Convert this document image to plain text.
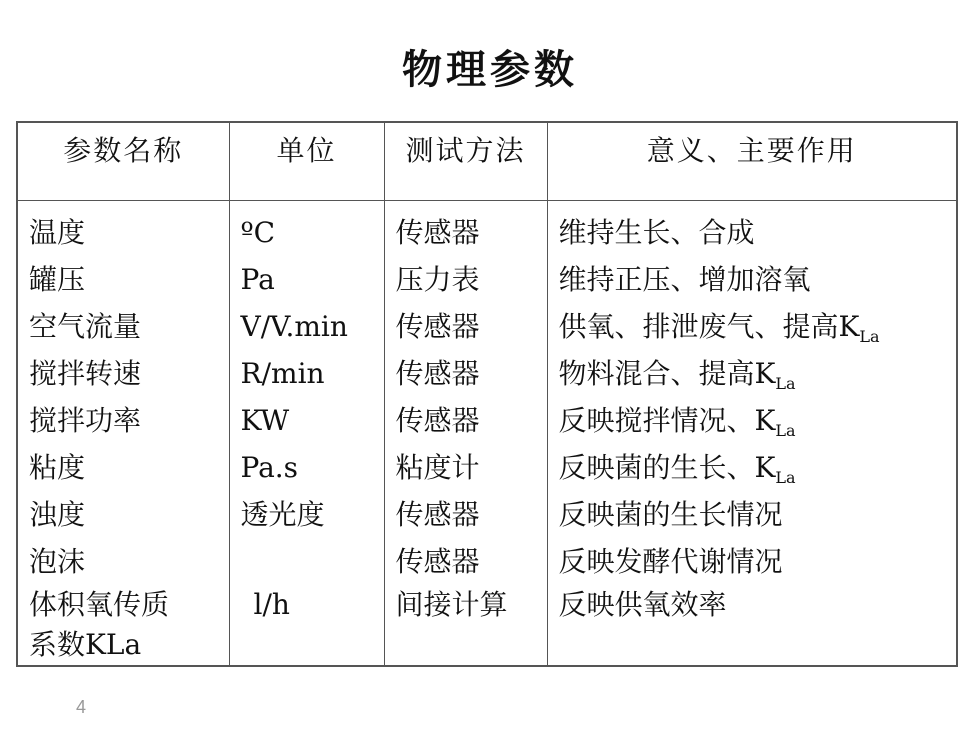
物理参数
参数名称	单位	测试方法	意义、主要作用
温度	ºC	传感器	维持生长、合成
罐压	Pa	压力表	维持正压、增加溶氧
空气流量	V/V.min	传感器	供氧、排泄废气、提高$K_{La}$
搅拌转速	R/min	传感器	物料混合、提高$K_{La}$
搅拌功率	KW	传感器	反映搅拌情况、$K_{La}$
粘度	Pa.s	粘度计	反映菌的生长、$K_{La}$
浊度	透光度	传感器	反映菌的生长情况
泡沫		传感器	反映发酵代谢情况

体积氧传质
系数KLa	l/h	间接计算	反映供氧效率
4
